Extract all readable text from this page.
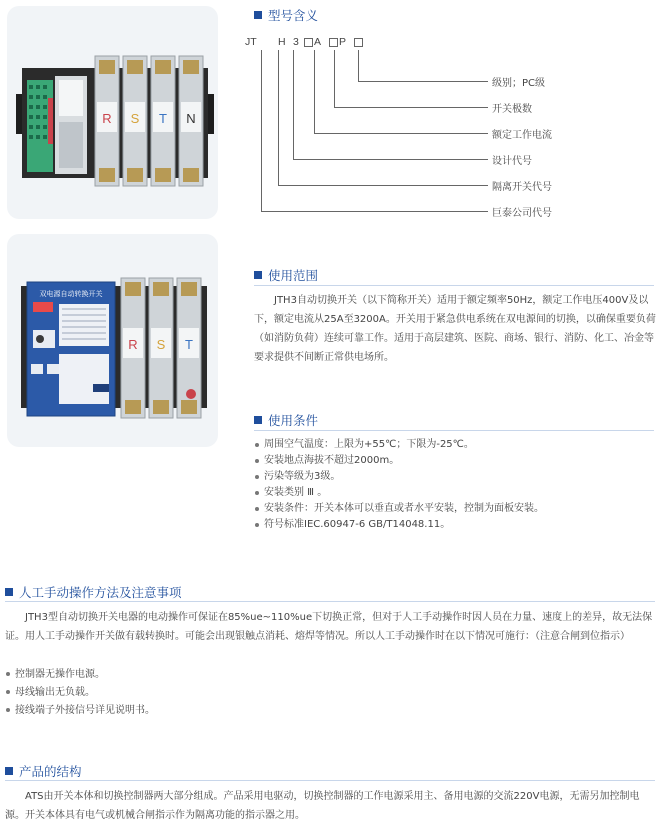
R S T N
双电源自动转换开关
R S T
型号含义
JT H 3 A P
级别；PC级
开关极数
额定工作电流
设计代号
隔离开关代号
巨泰公司代号
使用范围

JTH3自动切换开关（以下简称开关）适用于额定频率50Hz，额定工作电压400V及以下，额定电流从25A至3200A。开关用于紧急供电系统在双电源间的切换，以确保重要负荷（如消防负荷）连续可靠工作。适用于高层建筑、医院、商场、银行、消防、化工、冶金等要求提供不间断正常供电场所。

使用条件
周围空气温度：上限为+55℃；下限为-25℃。
安装地点海拔不超过2000m。
污染等级为3级。
安装类别 Ⅲ 。
安装条件：开关本体可以垂直或者水平安装，控制为面板安装。
符号标准IEC.60947-6 GB/T14048.11。
人工手动操作方法及注意事项

JTH3型自动切换开关电器的电动操作可保证在85%ue~110%ue下切换正常，但对于人工手动操作时因人员在力量、速度上的差异，故无法保证。用人工手动操作开关做有载转换时。可能会出现银触点消耗、熔焊等情况。所以人工手动操作时在以下情况可施行：（注意合闸到位指示）

控制器无操作电源。
母线输出无负载。
接线端子外接信号详见说明书。
产品的结构

ATS由开关本体和切换控制器两大部分组成。产品采用电驱动，切换控制器的工作电源采用主、备用电源的交流220V电源，无需另加控制电源。开关本体具有电气或机械合闸指示作为隔离功能的指示器之用。
